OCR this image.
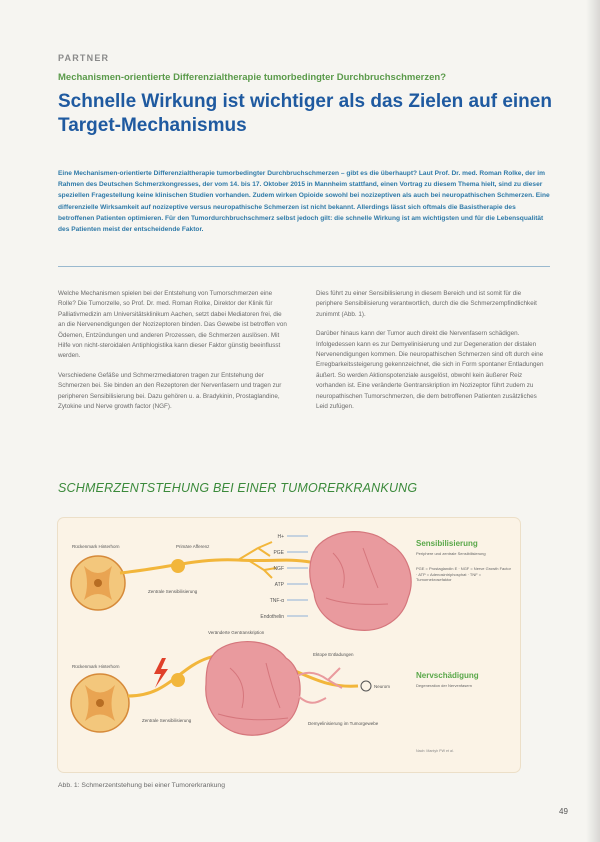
PARTNER
Mechanismen-orientierte Differenzialtherapie tumorbedingter Durchbruchschmerzen?
Schnelle Wirkung ist wichtiger als das Zielen auf einen Target-Mechanismus

Eine Mechanismen-orientierte Differenzialtherapie tumorbedingter Durchbruchschmerzen – gibt es die überhaupt? Laut Prof. Dr. med. Roman Rolke, der im Rahmen des Deutschen Schmerzkongresses, der vom 14. bis 17. Oktober 2015 in Mannheim stattfand, einen Vortrag zu diesem Thema hielt, sind zu dieser speziellen Fragestellung keine klinischen Studien vorhanden. Zudem wirken Opioide sowohl bei nozizeptiven als auch bei neuropathischen Schmerzen. Eine differenzielle Wirksamkeit auf nozizeptive versus neuropathische Schmerzen ist nicht bekannt. Allerdings lässt sich oftmals die Basistherapie des betroffenen Patienten optimieren. Für den Tumordurchbruchschmerz selbst jedoch gilt: die schnelle Wirkung ist am wichtigsten und für die Lebensqualität des Patienten meist der entscheidende Faktor.

Welche Mechanismen spielen bei der Entstehung von Tumorschmerzen eine Rolle? Die Tumorzelle, so Prof. Dr. med. Roman Rolke, Direktor der Klinik für Palliativmedizin am Universitätsklinikum Aachen, setzt dabei Mediatoren frei, die an die Nervenendigungen der Nozizeptoren binden. Das Gewebe ist betroffen von Ödemen, Entzündungen und anderen Prozessen, die Schmerzen auslösen. Mit Hilfe von nicht-steroidalen Antiphlogistika kann dieser Faktor günstig beeinflusst werden.

Verschiedene Gefäße und Schmerzmediatoren tragen zur Entstehung der Schmerzen bei. Sie binden an den Rezeptoren der Nervenfasern und tragen zur peripheren Sensibilisierung bei. Dazu gehören u. a. Bradykinin, Prostaglandine, Zytokine und Nerve growth factor (NGF).

Dies führt zu einer Sensibilisierung in diesem Bereich und ist somit für die periphere Sensibilisierung verantwortlich, durch die die Schmerzempfindlichkeit zunimmt (Abb. 1).

Darüber hinaus kann der Tumor auch direkt die Nervenfasern schädigen. Infolgedessen kann es zur Demyelinisierung und zur Degeneration der distalen Nervenendigungen kommen. Die neuropathischen Schmerzen sind oft durch eine Erregbarkeitssteigerung gekennzeichnet, die sich in Form spontaner Entladungen äußert. So werden Aktionspotenziale ausgelöst, obwohl kein äußerer Reiz vorhanden ist. Eine veränderte Gentranskription im Nozizeptor führt zudem zu neuropathischen Tumorschmerzen, die dem betroffenen Patienten zusätzliches Leid zufügen.

SCHMERZENTSTEHUNG BEI EINER TUMORERKRANKUNG
H+
PGE
NGF
ATP
TNF-α
Endothelin
Sensibilisierung
Periphere und zentrale Sensibilisierung
PGE = Prostaglandin E · NGF = Nerve Growth Factor · ATP = Adenosintriphosphat · TNF = Tumornekrosefaktor
Rückenmark Hinterhorn	Primäre Afferenz
Zentrale Sensibilisierung
Rückenmark Hinterhorn
Zentrale Sensibilisierung
Veränderte Gentranskription
Ektope Entladungen
Demyelinisierung im Tumorgewebe
Neurom
Nervschädigung
Degeneration der Nervenfasern
Nach: Mantyh PW et al.
Abb. 1: Schmerzentstehung bei einer Tumorerkrankung
49
